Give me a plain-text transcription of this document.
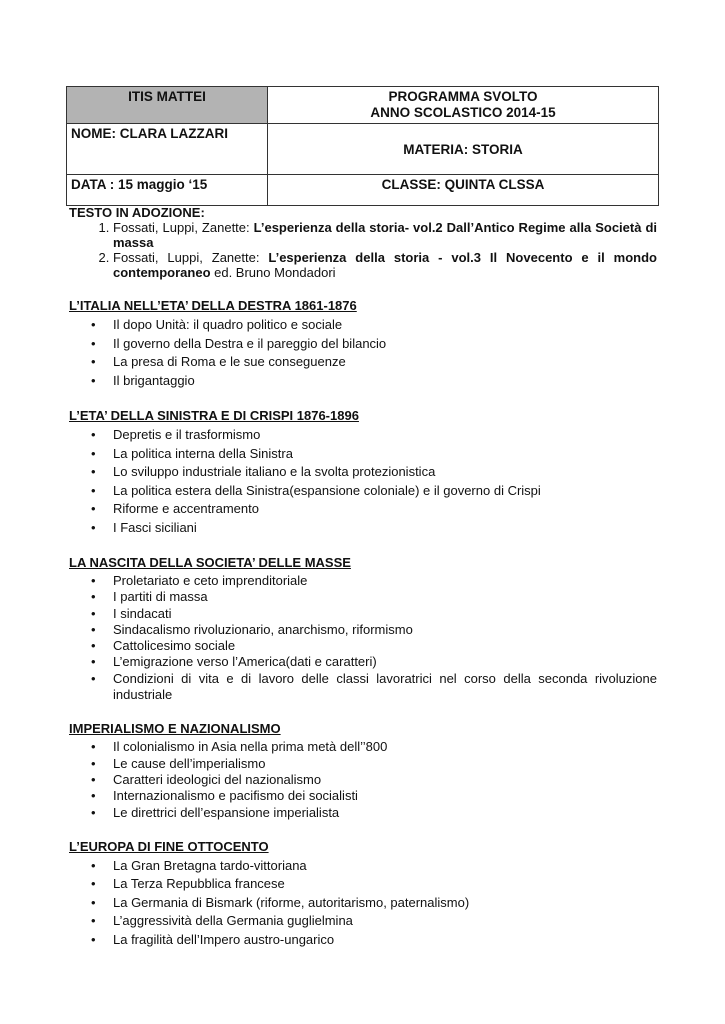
ITIS MATTEI	PROGRAMMA SVOLTO
ANNO SCOLASTICO 2014-15

NOME: CLARA LAZZARI	MATERIA: STORIA

DATA : 15 maggio ‘15	CLASSE: QUINTA CLSSA
TESTO IN ADOZIONE:
1. Fossati, Luppi, Zanette: L’esperienza della storia- vol.2 Dall’Antico Regime alla Società di massa
2. Fossati, Luppi, Zanette: L’esperienza della storia - vol.3 Il Novecento e il mondo contemporaneo ed. Bruno Mondadori
L’ITALIA NELL’ETA’ DELLA DESTRA 1861-1876
• Il dopo Unità: il quadro politico e sociale
• Il governo della Destra e il pareggio del bilancio
• La presa di Roma e le sue conseguenze
• Il brigantaggio
L’ETA’ DELLA SINISTRA E DI CRISPI 1876-1896
• Depretis e il trasformismo
• La politica interna della Sinistra
• Lo sviluppo industriale italiano e la svolta protezionistica
• La politica estera della Sinistra(espansione coloniale) e il governo di Crispi
• Riforme e accentramento
• I Fasci siciliani
LA NASCITA DELLA SOCIETA’ DELLE MASSE
• Proletariato e ceto imprenditoriale
• I partiti di massa
• I sindacati
• Sindacalismo rivoluzionario, anarchismo, riformismo
• Cattolicesimo sociale
• L’emigrazione verso l’America(dati e caratteri)
• Condizioni di vita e di lavoro delle classi lavoratrici nel corso della seconda rivoluzione industriale
IMPERIALISMO E NAZIONALISMO
• Il colonialismo in Asia nella prima metà dell’’800
• Le cause dell’imperialismo
• Caratteri ideologici del nazionalismo
• Internazionalismo e pacifismo dei socialisti
• Le direttrici dell’espansione imperialista
L’EUROPA DI FINE OTTOCENTO
• La Gran Bretagna tardo-vittoriana
• La Terza Repubblica francese
• La Germania di Bismark (riforme, autoritarismo, paternalismo)
• L’aggressività della Germania guglielmina
• La fragilità dell’Impero austro-ungarico
